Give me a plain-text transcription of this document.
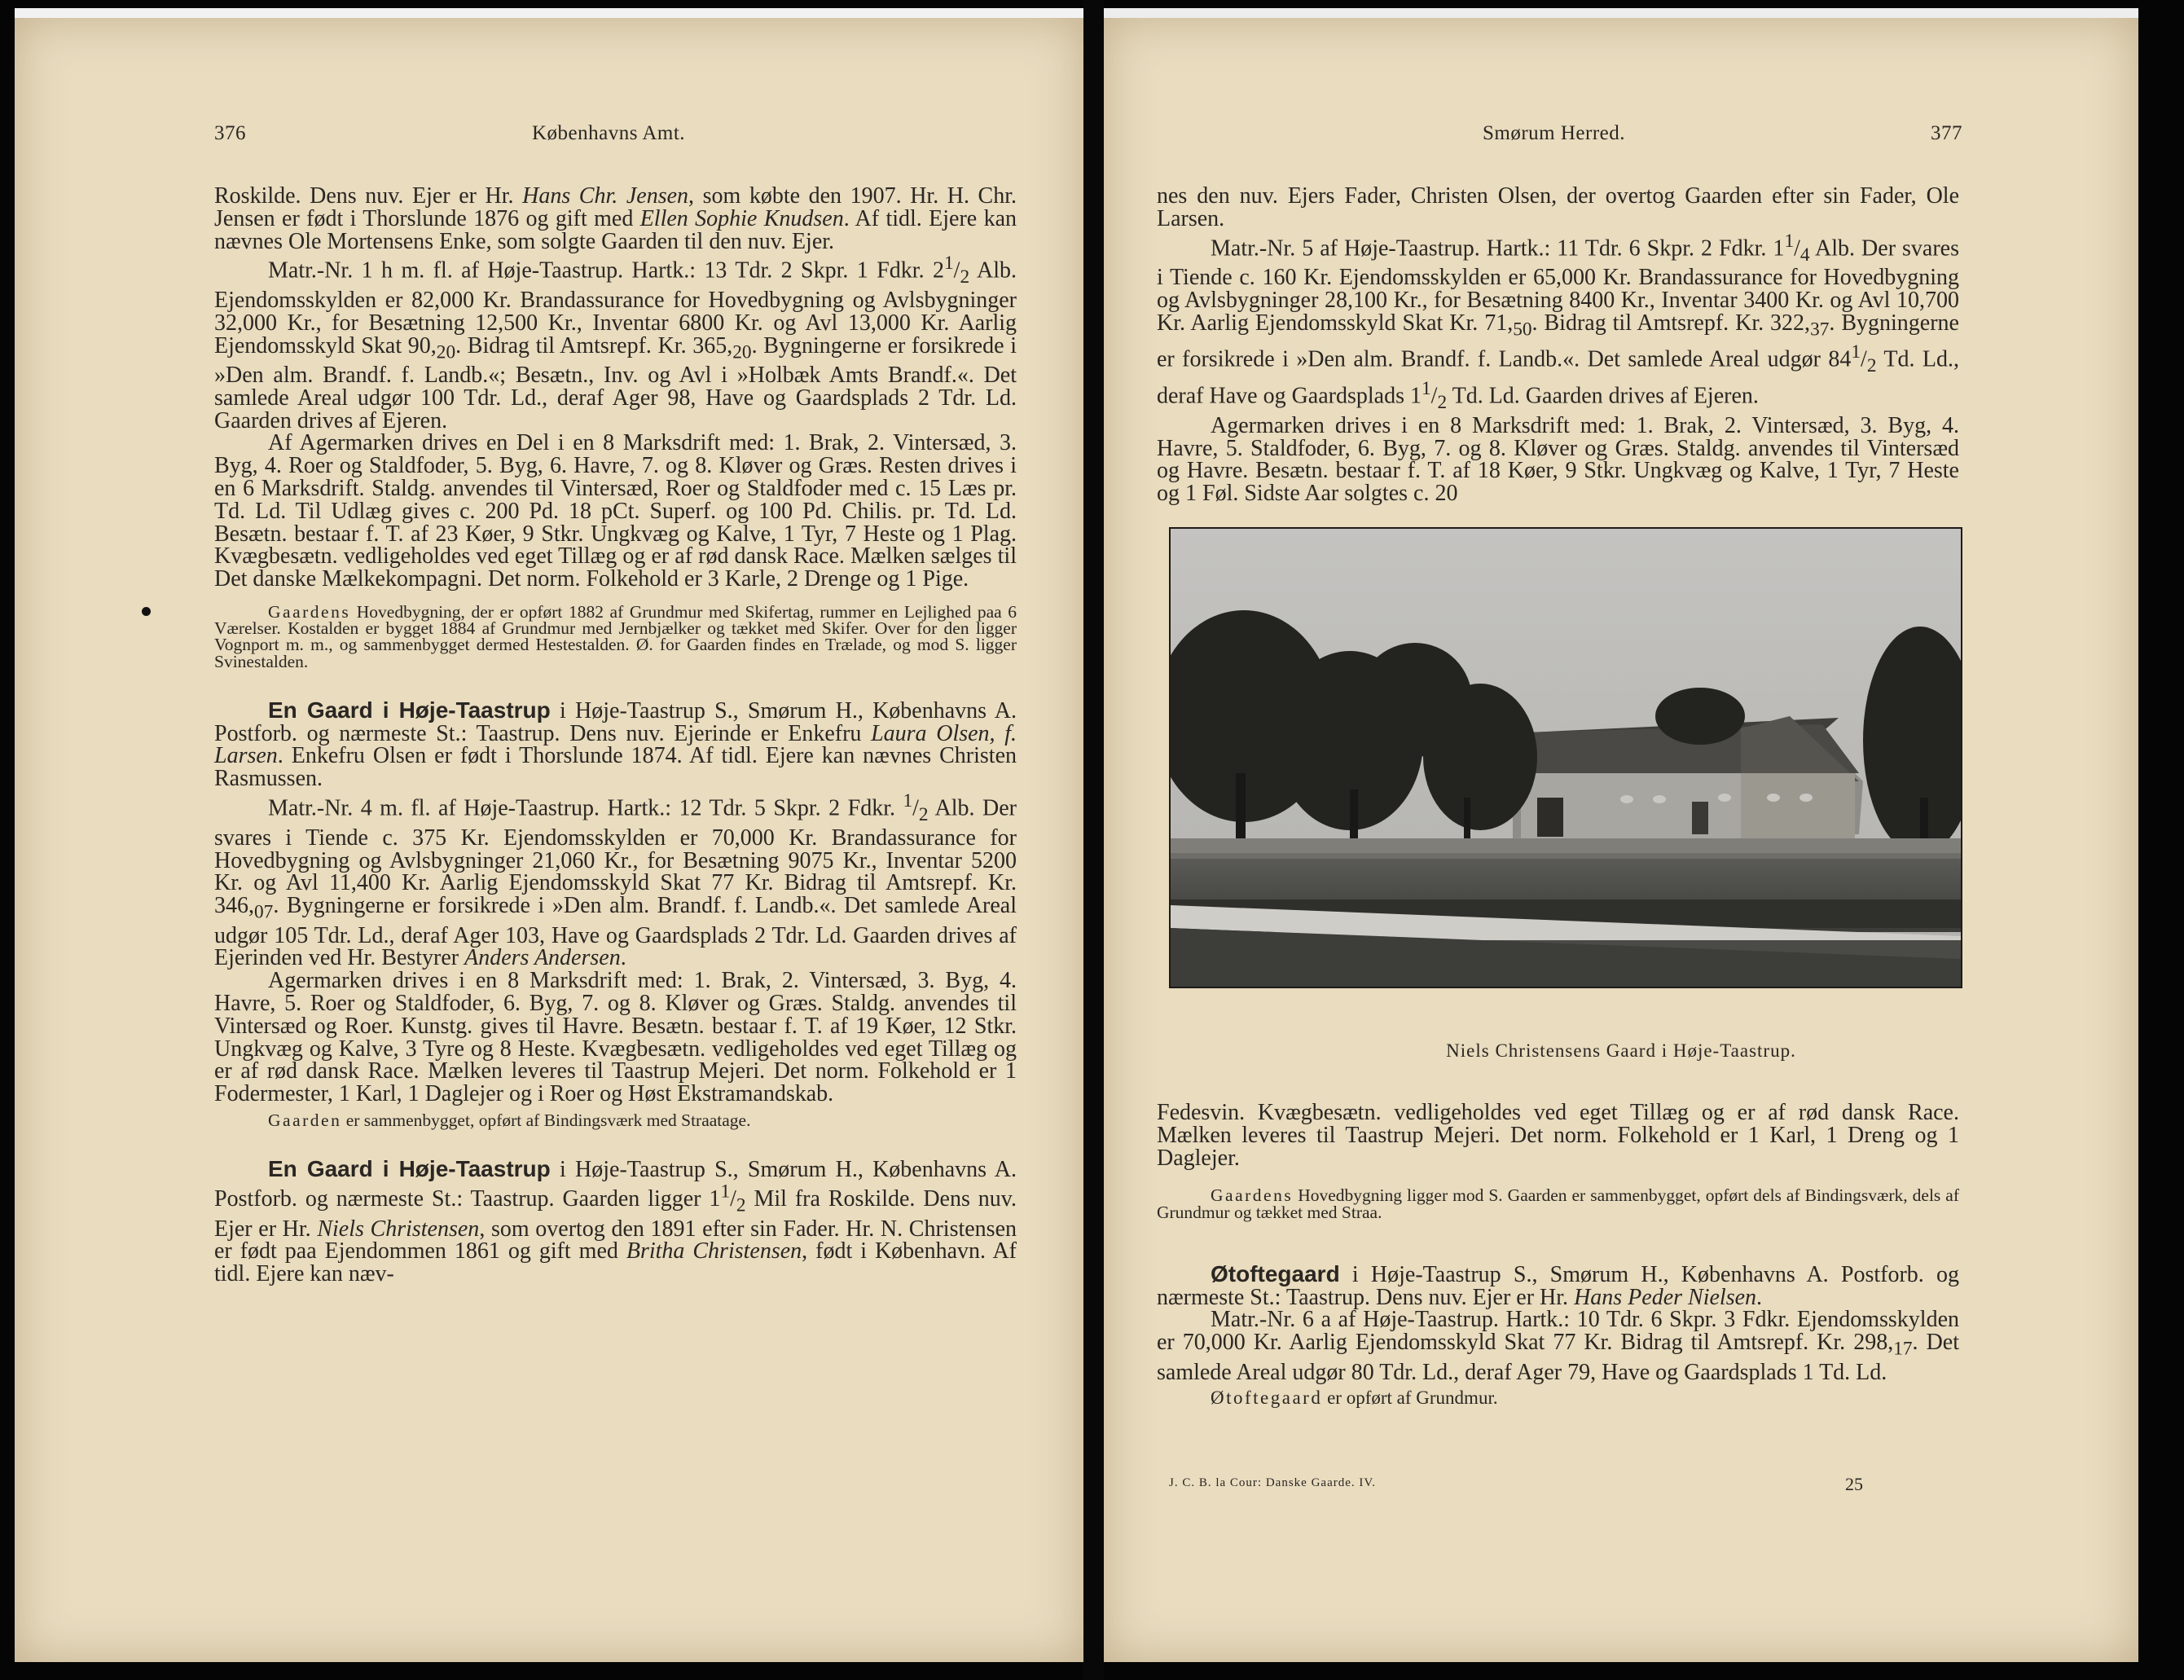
376	Københavns Amt.

Roskilde. Dens nuv. Ejer er Hr. Hans Chr. Jensen, som købte den 1907. Hr. H. Chr. Jensen er født i Thorslunde 1876 og gift med Ellen Sophie Knudsen. Af tidl. Ejere kan nævnes Ole Mortensens Enke, som solgte Gaarden til den nuv. Ejer.

Matr.-Nr. 1 h m. fl. af Høje-Taastrup. Hartk.: 13 Tdr. 2 Skpr. 1 Fdkr. $2^1/_2$ Alb. Ejendomsskylden er 82,000 Kr. Brandassurance for Hovedbygning og Avlsbygninger 32,000 Kr., for Besætning 12,500 Kr., Inventar 6800 Kr. og Avl 13,000 Kr. Aarlig Ejendomsskyld Skat $90,_{20}$. Bidrag til Amtsrepf. Kr. $365,_{20}$. Bygningerne er forsikrede i »Den alm. Brandf. f. Landb.«; Besætn., Inv. og Avl i »Holbæk Amts Brandf.«. Det samlede Areal udgør 100 Tdr. Ld., deraf Ager 98, Have og Gaardsplads 2 Tdr. Ld. Gaarden drives af Ejeren.

Af Agermarken drives en Del i en 8 Marksdrift med: 1. Brak, 2. Vintersæd, 3. Byg, 4. Roer og Staldfoder, 5. Byg, 6. Havre, 7. og 8. Kløver og Græs. Resten drives i en 6 Marksdrift. Staldg. anvendes til Vintersæd, Roer og Staldfoder med c. 15 Læs pr. Td. Ld. Til Udlæg gives c. 200 Pd. 18 pCt. Superf. og 100 Pd. Chilis. pr. Td. Ld. Besætn. bestaar f. T. af 23 Køer, 9 Stkr. Ungkvæg og Kalve, 1 Tyr, 7 Heste og 1 Plag. Kvægbesætn. vedligeholdes ved eget Tillæg og er af rød dansk Race. Mælken sælges til Det danske Mælkekompagni. Det norm. Folkehold er 3 Karle, 2 Drenge og 1 Pige.

Gaardens Hovedbygning, der er opført 1882 af Grundmur med Skifertag, rummer en Lejlighed paa 6 Værelser. Kostalden er bygget 1884 af Grundmur med Jernbjælker og tækket med Skifer. Over for den ligger Vognport m. m., og sammenbygget dermed Hestestalden. Ø. for Gaarden findes en Trælade, og mod S. ligger Svinestalden.

En Gaard i Høje-Taastrup i Høje-Taastrup S., Smørum H., Københavns A. Postforb. og nærmeste St.: Taastrup. Dens nuv. Ejerinde er Enkefru Laura Olsen, f. Larsen. Enkefru Olsen er født i Thorslunde 1874. Af tidl. Ejere kan nævnes Christen Rasmussen.

Matr.-Nr. 4 m. fl. af Høje-Taastrup. Hartk.: 12 Tdr. 5 Skpr. 2 Fdkr. $^1/_2$ Alb. Der svares i Tiende c. 375 Kr. Ejendomsskylden er 70,000 Kr. Brandassurance for Hovedbygning og Avlsbygninger 21,060 Kr., for Besætning 9075 Kr., Inventar 5200 Kr. og Avl 11,400 Kr. Aarlig Ejendomsskyld Skat 77 Kr. Bidrag til Amtsrepf. Kr. $346,_{07}$. Bygningerne er forsikrede i »Den alm. Brandf. f. Landb.«. Det samlede Areal udgør 105 Tdr. Ld., deraf Ager 103, Have og Gaardsplads 2 Tdr. Ld. Gaarden drives af Ejerinden ved Hr. Bestyrer Anders Andersen.

Agermarken drives i en 8 Marksdrift med: 1. Brak, 2. Vintersæd, 3. Byg, 4. Havre, 5. Roer og Staldfoder, 6. Byg, 7. og 8. Kløver og Græs. Staldg. anvendes til Vintersæd og Roer. Kunstg. gives til Havre. Besætn. bestaar f. T. af 19 Køer, 12 Stkr. Ungkvæg og Kalve, 3 Tyre og 8 Heste. Kvægbesætn. vedligeholdes ved eget Tillæg og er af rød dansk Race. Mælken leveres til Taastrup Mejeri. Det norm. Folkehold er 1 Fodermester, 1 Karl, 1 Daglejer og i Roer og Høst Ekstramandskab.

Gaarden er sammenbygget, opført af Bindingsværk med Straatage.

En Gaard i Høje-Taastrup i Høje-Taastrup S., Smørum H., Københavns A. Postforb. og nærmeste St.: Taastrup. Gaarden ligger $1^1/_2$ Mil fra Roskilde. Dens nuv. Ejer er Hr. Niels Christensen, som overtog den 1891 efter sin Fader. Hr. N. Christensen er født paa Ejendommen 1861 og gift med Britha Christensen, født i København. Af tidl. Ejere kan næv-

Smørum Herred.	377

nes den nuv. Ejers Fader, Christen Olsen, der overtog Gaarden efter sin Fader, Ole Larsen.

Matr.-Nr. 5 af Høje-Taastrup. Hartk.: 11 Tdr. 6 Skpr. 2 Fdkr. $1^1/_4$ Alb. Der svares i Tiende c. 160 Kr. Ejendomsskylden er 65,000 Kr. Brandassurance for Hovedbygning og Avlsbygninger 28,100 Kr., for Besætning 8400 Kr., Inventar 3400 Kr. og Avl 10,700 Kr. Aarlig Ejendomsskyld Skat Kr. $71,_{50}$. Bidrag til Amtsrepf. Kr. $322,_{37}$. Bygningerne er forsikrede i »Den alm. Brandf. f. Landb.«. Det samlede Areal udgør $84^1/_2$ Td. Ld., deraf Have og Gaardsplads $1^1/_2$ Td. Ld. Gaarden drives af Ejeren.

Agermarken drives i en 8 Marksdrift med: 1. Brak, 2. Vintersæd, 3. Byg, 4. Havre, 5. Staldfoder, 6. Byg, 7. og 8. Kløver og Græs. Staldg. anvendes til Vintersæd og Havre. Besætn. bestaar f. T. af 18 Køer, 9 Stkr. Ungkvæg og Kalve, 1 Tyr, 7 Heste og 1 Føl. Sidste Aar solgtes c. 20

Niels Christensens Gaard i Høje-Taastrup.

Fedesvin. Kvægbesætn. vedligeholdes ved eget Tillæg og er af rød dansk Race. Mælken leveres til Taastrup Mejeri. Det norm. Folkehold er 1 Karl, 1 Dreng og 1 Daglejer.

Gaardens Hovedbygning ligger mod S. Gaarden er sammenbygget, opført dels af Bindingsværk, dels af Grundmur og tækket med Straa.

Øtoftegaard i Høje-Taastrup S., Smørum H., Københavns A. Postforb. og nærmeste St.: Taastrup. Dens nuv. Ejer er Hr. Hans Peder Nielsen.

Matr.-Nr. 6 a af Høje-Taastrup. Hartk.: 10 Tdr. 6 Skpr. 3 Fdkr. Ejendomsskylden er 70,000 Kr. Aarlig Ejendomsskyld Skat 77 Kr. Bidrag til Amtsrepf. Kr. $298,_{17}$. Det samlede Areal udgør 80 Tdr. Ld., deraf Ager 79, Have og Gaardsplads 1 Td. Ld.

Øtoftegaard er opført af Grundmur.

J. C. B. la Cour: Danske Gaarde. IV.	25
